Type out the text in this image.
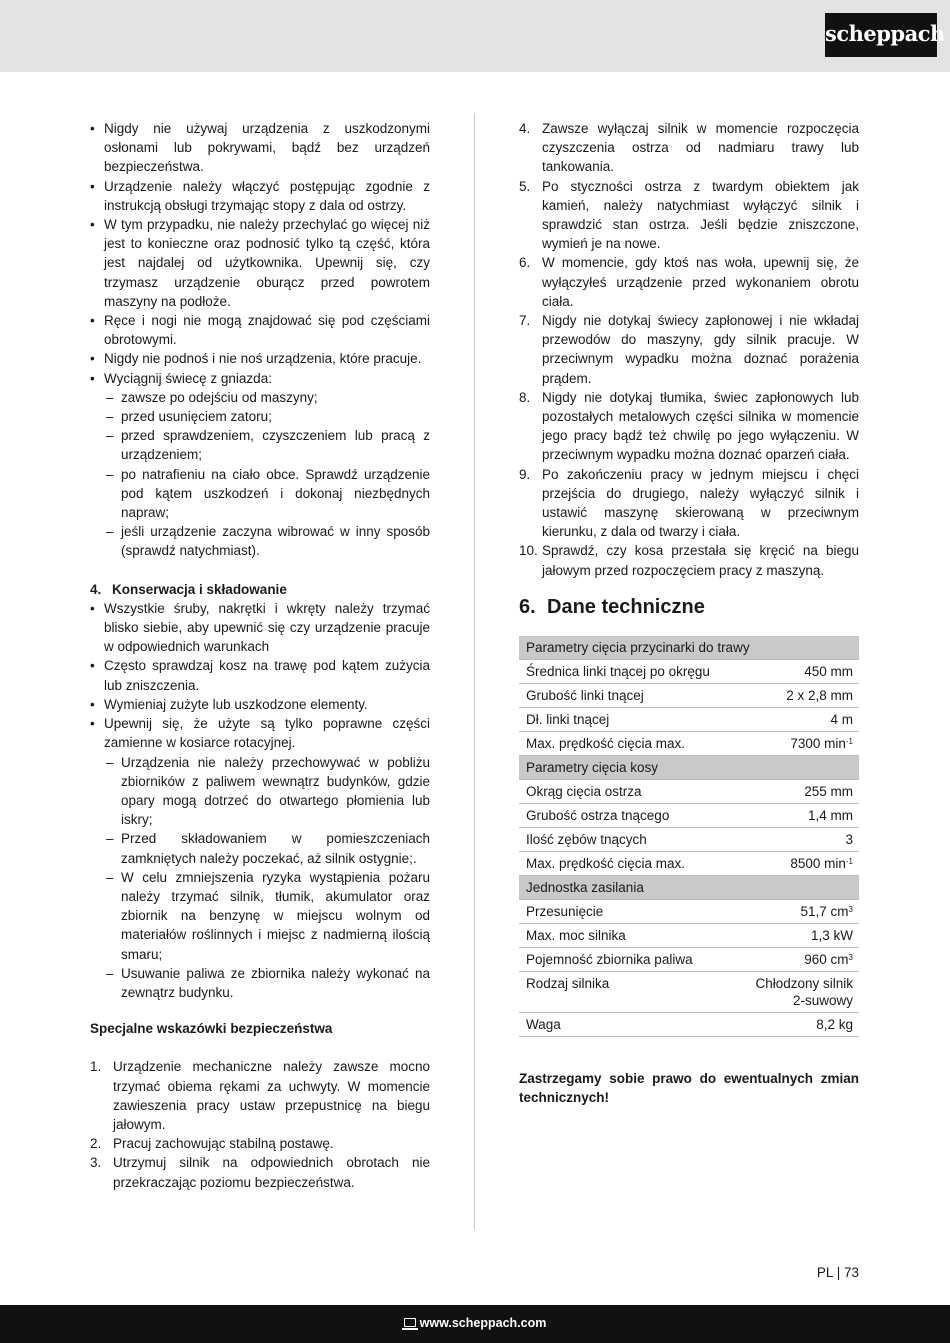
scheppach
• Nigdy nie używaj urządzenia z uszkodzonymi osłonami lub pokrywami, bądź bez urządzeń bezpieczeństwa.
• Urządzenie należy włączyć postępując zgodnie z instrukcją obsługi trzymając stopy z dala od ostrzy.
• W tym przypadku, nie należy przechylać go więcej niż jest to konieczne oraz podnosić tylko tą część, która jest najdalej od użytkownika. Upewnij się, czy trzymasz urządzenie oburącz przed powrotem maszyny na podłoże.
• Ręce i nogi nie mogą znajdować się pod częściami obrotowymi.
• Nigdy nie podnoś i nie noś urządzenia, które pracuje.
• Wyciągnij świecę z gniazda:
– zawsze po odejściu od maszyny;
– przed usunięciem zatoru;
– przed sprawdzeniem, czyszczeniem lub pracą z urządzeniem;
– po natrafieniu na ciało obce. Sprawdź urządzenie pod kątem uszkodzeń i dokonaj niezbędnych napraw;
– jeśli urządzenie zaczyna wibrować w inny sposób (sprawdź natychmiast).
4. Konserwacja i składowanie
• Wszystkie śruby, nakrętki i wkręty należy trzymać blisko siebie, aby upewnić się czy urządzenie pracuje w odpowiednich warunkach
• Często sprawdzaj kosz na trawę pod kątem zużycia lub zniszczenia.
• Wymieniaj zużyte lub uszkodzone elementy.
• Upewnij się, że użyte są tylko poprawne części zamienne w kosiarce rotacyjnej.
– Urządzenia nie należy przechowywać w pobliżu zbiorników z paliwem wewnątrz budynków, gdzie opary mogą dotrzeć do otwartego płomienia lub iskry;
– Przed składowaniem w pomieszczeniach zamkniętych należy poczekać, aż silnik ostygnie;.
– W celu zmniejszenia ryzyka wystąpienia pożaru należy trzymać silnik, tłumik, akumulator oraz zbiornik na benzynę w miejscu wolnym od materiałów roślinnych i miejsc z nadmierną ilością smaru;
– Usuwanie paliwa ze zbiornika należy wykonać na zewnątrz budynku.
Specjalne wskazówki bezpieczeństwa
1. Urządzenie mechaniczne należy zawsze mocno trzymać obiema rękami za uchwyty. W momencie zawieszenia pracy ustaw przepustnicę na biegu jałowym.
2. Pracuj zachowując stabilną postawę.
3. Utrzymuj silnik na odpowiednich obrotach nie przekraczając poziomu bezpieczeństwa.
4. Zawsze wyłączaj silnik w momencie rozpoczęcia czyszczenia ostrza od nadmiaru trawy lub tankowania.
5. Po styczności ostrza z twardym obiektem jak kamień, należy natychmiast wyłączyć silnik i sprawdzić stan ostrza. Jeśli będzie zniszczone, wymień je na nowe.
6. W momencie, gdy ktoś nas woła, upewnij się, że wyłączyłeś urządzenie przed wykonaniem obrotu ciała.
7. Nigdy nie dotykaj świecy zapłonowej i nie wkładaj przewodów do maszyny, gdy silnik pracuje. W przeciwnym wypadku można doznać porażenia prądem.
8. Nigdy nie dotykaj tłumika, świec zapłonowych lub pozostałych metalowych części silnika w momencie jego pracy bądź też chwilę po jego wyłączeniu. W przeciwnym wypadku można doznać oparzeń ciała.
9. Po zakończeniu pracy w jednym miejscu i chęci przejścia do drugiego, należy wyłączyć silnik i ustawić maszynę skierowaną w przeciwnym kierunku, z dala od twarzy i ciała.
10. Sprawdź, czy kosa przestała się kręcić na biegu jałowym przed rozpoczęciem pracy z maszyną.
6. Dane techniczne
Parametry cięcia przycinarki do trawy	
Średnica linki tnącej po okręgu	450 mm
Grubość linki tnącej	2 x 2,8 mm
Dł. linki tnącej	4 m
Max. prędkość cięcia max.	7300 $\min^{-1}$
Parametry cięcia kosy	
Okrąg cięcia ostrza	255 mm
Grubość ostrza tnącego	1,4 mm
Ilość zębów tnących	3
Max. prędkość cięcia max.	8500 $\min^{-1}$
Jednostka zasilania	
Przesunięcie	51,7 $cm^3$
Max. moc silnika	1,3 kW
Pojemność zbiornika paliwa	960 $cm^3$
Rodzaj silnika	Chłodzony silnik
2-suwowy

Waga	8,2 kg
Zastrzegamy sobie prawo do ewentualnych zmian technicznych!
PL | 73
www.scheppach.com
